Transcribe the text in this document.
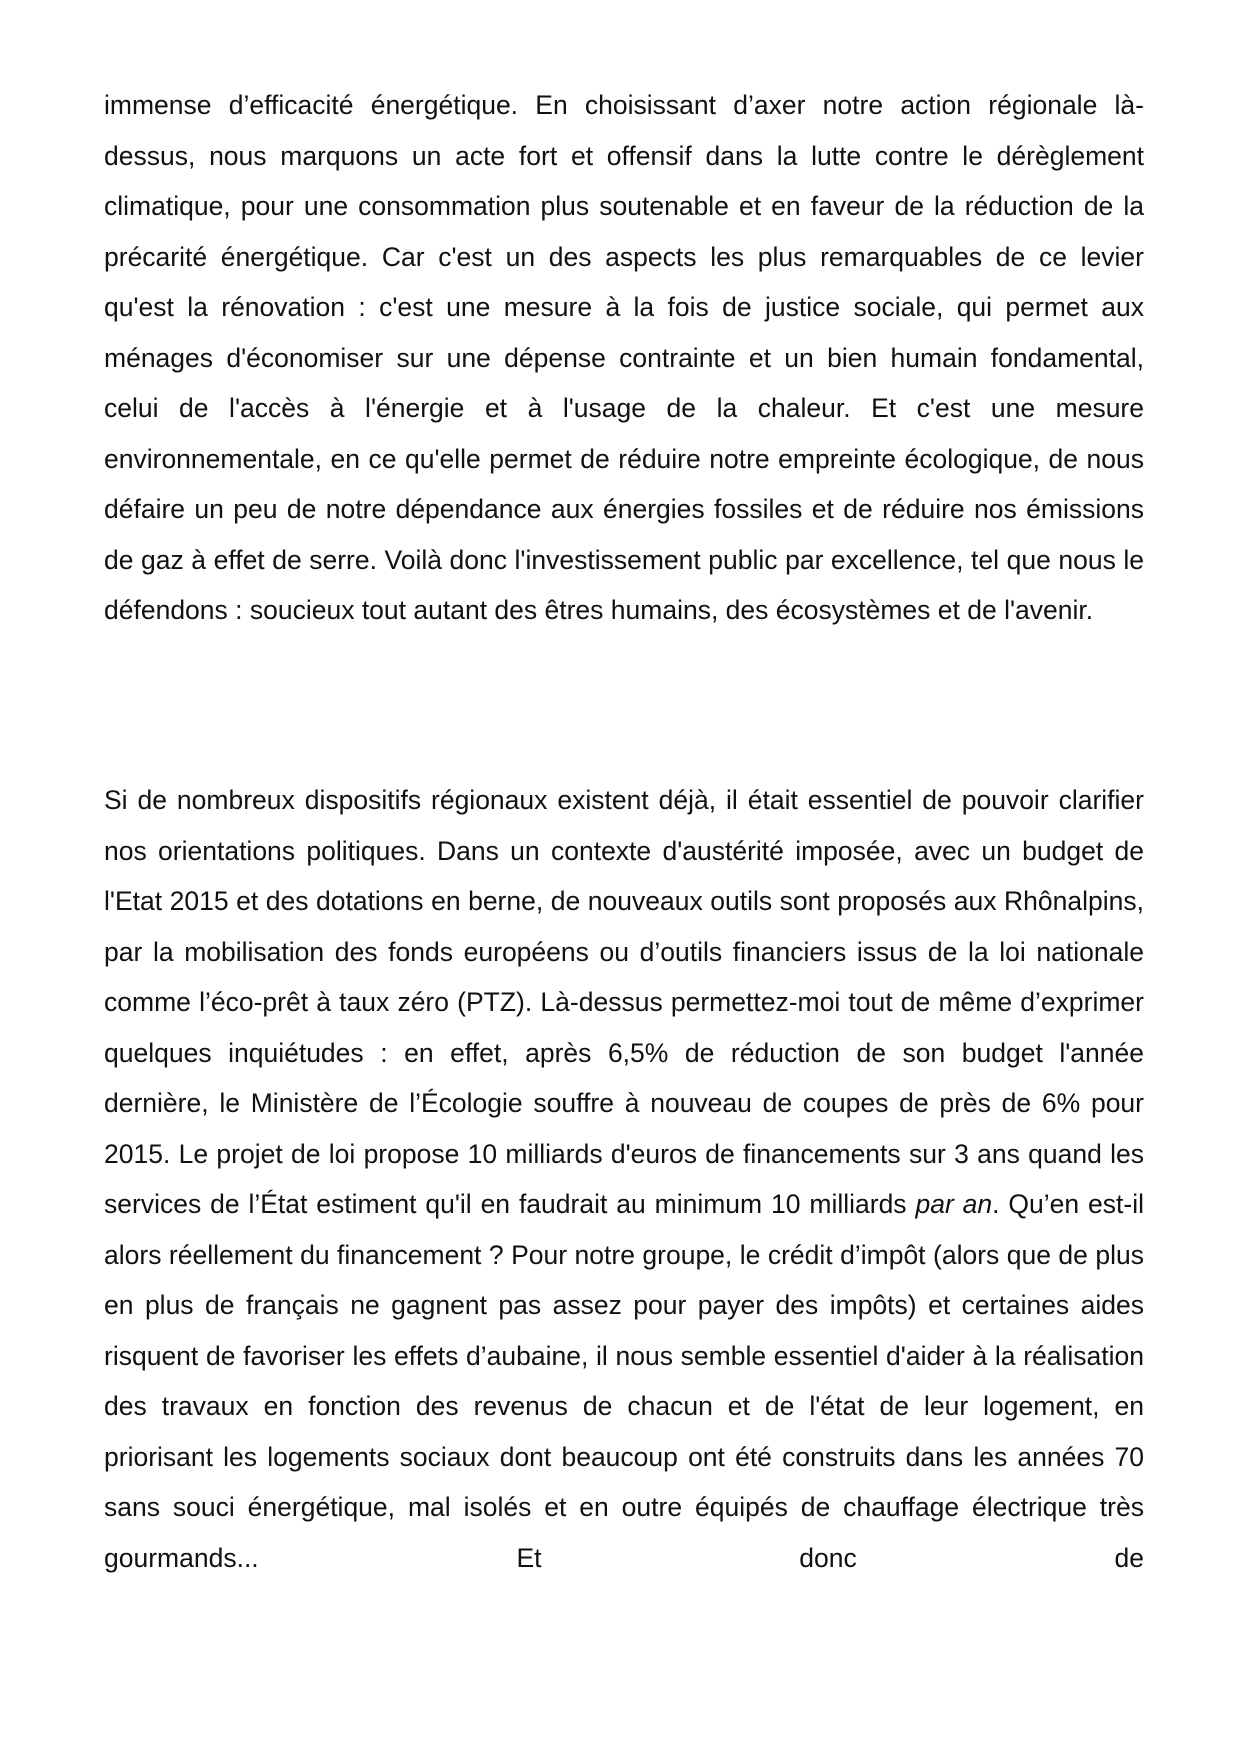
immense d’efficacité énergétique. En choisissant d’axer notre action régionale là-dessus, nous marquons un acte fort et offensif dans la lutte contre le dérèglement climatique, pour une consommation plus soutenable et en faveur de la réduction de la précarité énergétique. Car c'est un des aspects les plus remarquables de ce levier qu'est la rénovation : c'est une mesure à la fois de justice sociale, qui permet aux ménages d'économiser sur une dépense contrainte et un bien humain fondamental, celui de l'accès à l'énergie et à l'usage de la chaleur. Et c'est une mesure environnementale, en ce qu'elle permet de réduire notre empreinte écologique, de nous défaire un peu de notre dépendance aux énergies fossiles et de réduire nos émissions de gaz à effet de serre. Voilà donc l'investissement public par excellence, tel que nous le défendons : soucieux tout autant des êtres humains, des écosystèmes et de l'avenir.

Si de nombreux dispositifs régionaux existent déjà, il était essentiel de pouvoir clarifier nos orientations politiques. Dans un contexte d'austérité imposée, avec un budget de l'Etat 2015 et des dotations en berne, de nouveaux outils sont proposés aux Rhônalpins, par la mobilisation des fonds européens ou d’outils financiers issus de la loi nationale comme l’éco-prêt à taux zéro (PTZ). Là-dessus permettez-moi tout de même d’exprimer quelques inquiétudes : en effet, après 6,5% de réduction de son budget l'année dernière, le Ministère de l’Écologie souffre à nouveau de coupes de près de 6% pour 2015. Le projet de loi propose 10 milliards d'euros de financements sur 3 ans quand les services de l’État estiment qu'il en faudrait au minimum 10 milliards par an. Qu’en est-il alors réellement du financement ? Pour notre groupe, le crédit d’impôt (alors que de plus en plus de français ne gagnent pas assez pour payer des impôts) et certaines aides risquent de favoriser les effets d’aubaine, il nous semble essentiel d'aider à la réalisation des travaux en fonction des revenus de chacun et de l'état de leur logement, en priorisant les logements sociaux dont beaucoup ont été construits dans les années 70 sans souci énergétique, mal isolés et en outre équipés de chauffage électrique très gourmands... Et donc de
